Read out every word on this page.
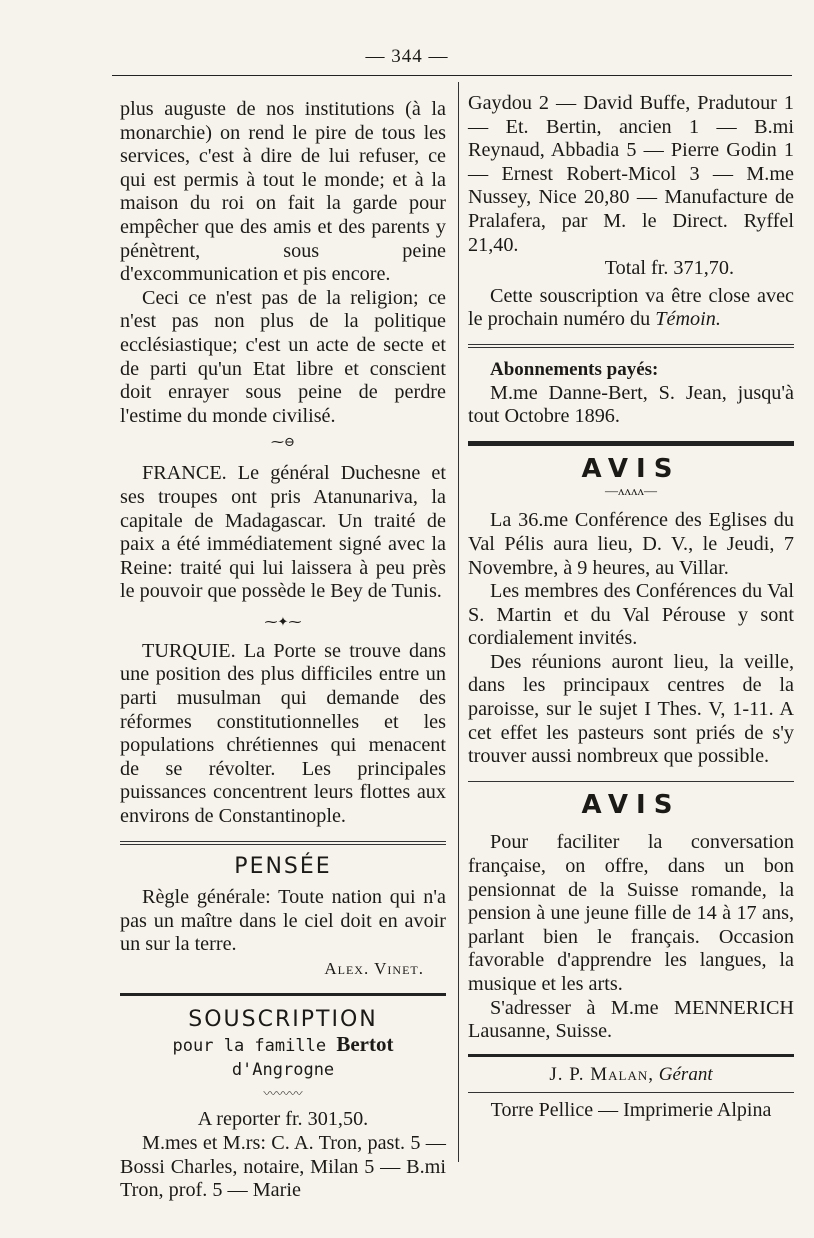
— 344 —

plus auguste de nos institutions (à la monarchie) on rend le pire de tous les services, c'est à dire de lui refuser, ce qui est permis à tout le monde; et à la maison du roi on fait la garde pour empêcher que des amis et des parents y pénètrent, sous peine d'excommunication et pis encore.

Ceci ce n'est pas de la religion; ce n'est pas non plus de la politique ecclésiastique; c'est un acte de secte et de parti qu'un Etat libre et conscient doit enrayer sous peine de perdre l'estime du monde civilisé.

⁓⊖

FRANCE. Le général Duchesne et ses troupes ont pris Atanunariva, la capitale de Madagascar. Un traité de paix a été immédiatement signé avec la Reine: traité qui lui laissera à peu près le pouvoir que possède le Bey de Tunis.

⁓✦⁓

TURQUIE. La Porte se trouve dans une position des plus difficiles entre un parti musulman qui demande des réformes constitutionnelles et les populations chrétiennes qui menacent de se révolter. Les principales puissances concentrent leurs flottes aux environs de Constantinople.

PENSÉE

Règle générale: Toute nation qui n'a pas un maître dans le ciel doit en avoir un sur la terre.

Alex. Vinet.

SOUSCRIPTION
pour la famille Bertot d'Angrogne
〰〰〰

A reporter fr. 301,50.

M.mes et M.rs: C. A. Tron, past. 5 — Bossi Charles, notaire, Milan 5 — B.mi Tron, prof. 5 — Marie

Gaydou 2 — David Buffe, Pradutour 1 — Et. Bertin, ancien 1 — B.mi Reynaud, Abbadia 5 — Pierre Godin 1 — Ernest Robert-Micol 3 — M.me Nussey, Nice 20,80 — Manufacture de Pralafera, par M. le Direct. Ryffel 21,40.

Total fr. 371,70.

Cette souscription va être close avec le prochain numéro du Témoin.

Abonnements payés:

M.me Danne-Bert, S. Jean, jusqu'à tout Octobre 1896.

AVIS
—ʌʌʌʌ—

La 36.me Conférence des Eglises du Val Pélis aura lieu, D. V., le Jeudi, 7 Novembre, à 9 heures, au Villar.

Les membres des Conférences du Val S. Martin et du Val Pérouse y sont cordialement invités.

Des réunions auront lieu, la veille, dans les principaux centres de la paroisse, sur le sujet I Thes. V, 1-11. A cet effet les pasteurs sont priés de s'y trouver aussi nombreux que possible.

AVIS

Pour faciliter la conversation française, on offre, dans un bon pensionnat de la Suisse romande, la pension à une jeune fille de 14 à 17 ans, parlant bien le français. Occasion favorable d'apprendre les langues, la musique et les arts.

S'adresser à M.me MENNERICH Lausanne, Suisse.

J. P. Malan, Gérant
Torre Pellice — Imprimerie Alpina
